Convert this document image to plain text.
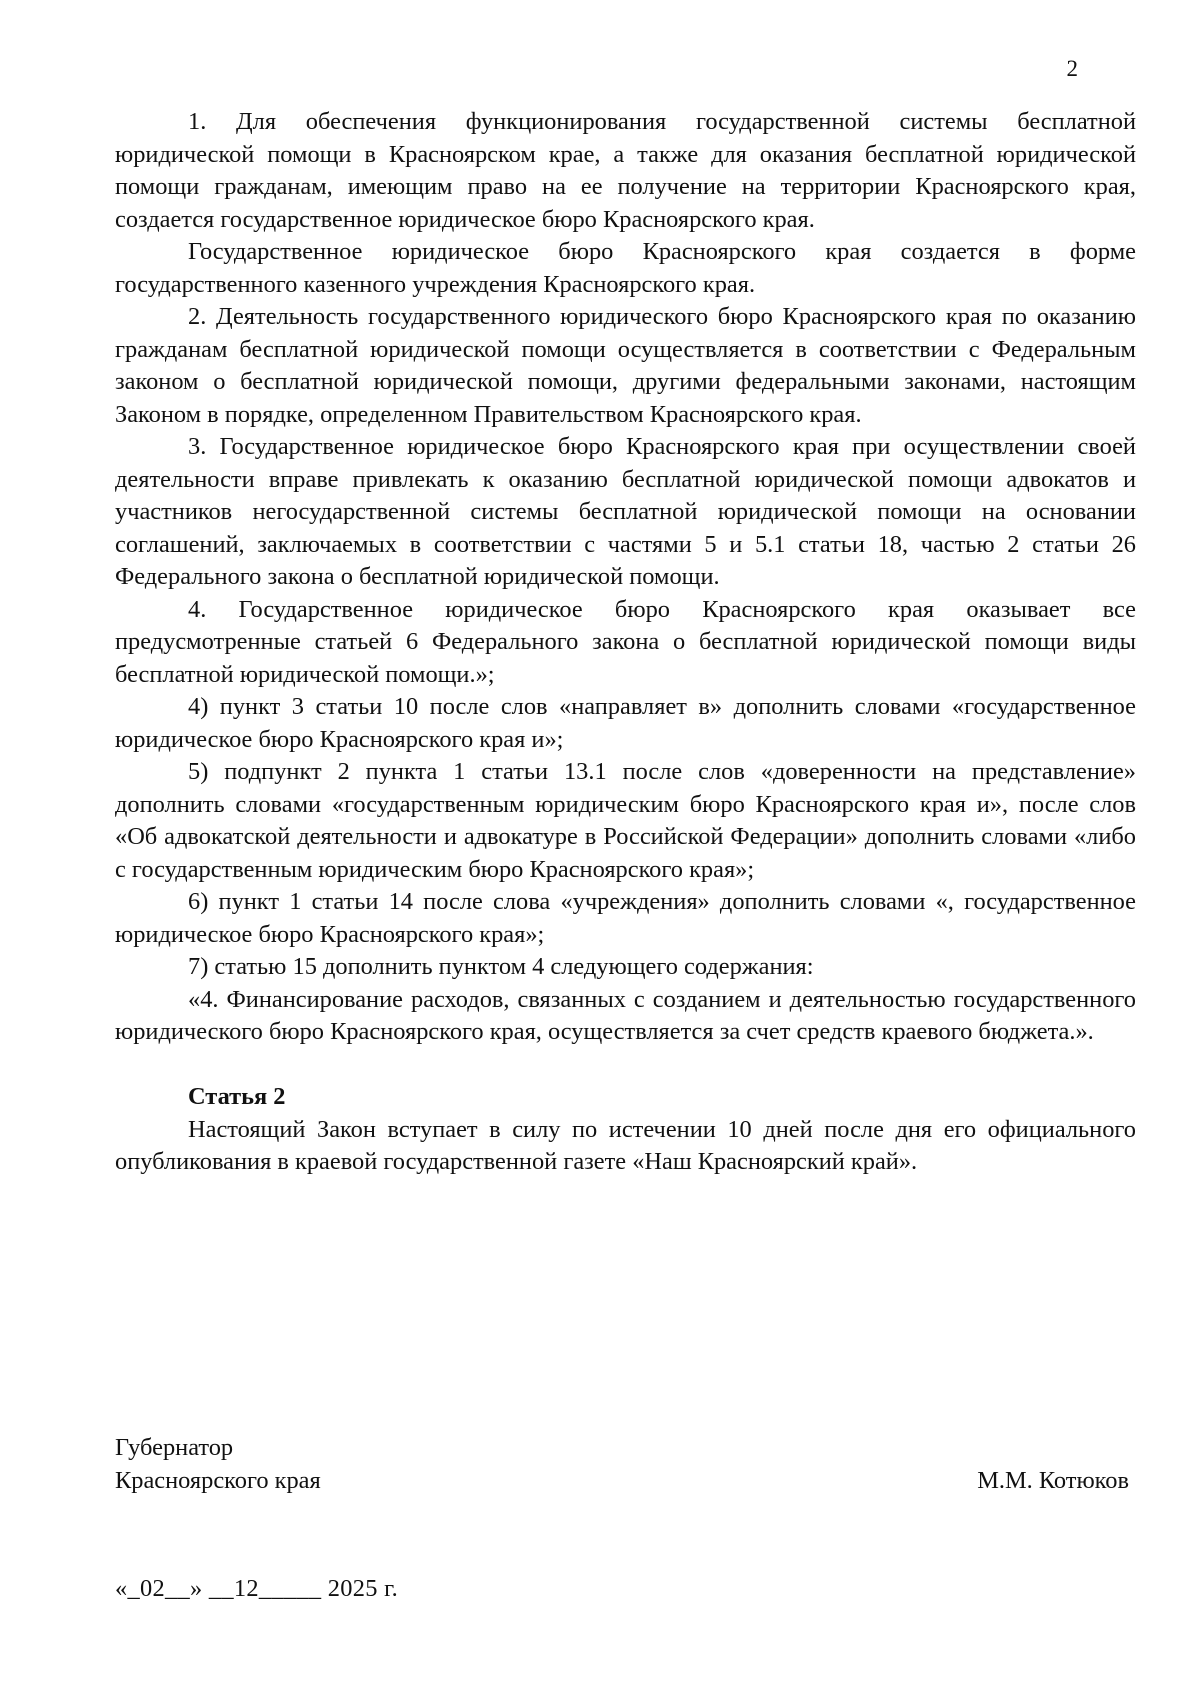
2

1. Для обеспечения функционирования государственной системы бесплатной юридической помощи в Красноярском крае, а также для оказания бесплатной юридической помощи гражданам, имеющим право на ее получение на территории Красноярского края, создается государственное юридическое бюро Красноярского края.

Государственное юридическое бюро Красноярского края создается в форме государственного казенного учреждения Красноярского края.

2. Деятельность государственного юридического бюро Красноярского края по оказанию гражданам бесплатной юридической помощи осуществляется в соответствии с Федеральным законом о бесплатной юридической помощи, другими федеральными законами, настоящим Законом в порядке, определенном Правительством Красноярского края.

3. Государственное юридическое бюро Красноярского края при осуществлении своей деятельности вправе привлекать к оказанию бесплатной юридической помощи адвокатов и участников негосударственной системы бесплатной юридической помощи на основании соглашений, заключаемых в соответствии с частями 5 и 5.1 статьи 18, частью 2 статьи 26 Федерального закона о бесплатной юридической помощи.

4. Государственное юридическое бюро Красноярского края оказывает все предусмотренные статьей 6 Федерального закона о бесплатной юридической помощи виды бесплатной юридической помощи.»;

4) пункт 3 статьи 10 после слов «направляет в» дополнить словами «государственное юридическое бюро Красноярского края и»;

5) подпункт 2 пункта 1 статьи 13.1 после слов «доверенности на представление» дополнить словами «государственным юридическим бюро Красноярского края и», после слов «Об адвокатской деятельности и адвокатуре в Российской Федерации» дополнить словами «либо с государственным юридическим бюро Красноярского края»;

6) пункт 1 статьи 14 после слова «учреждения» дополнить словами «, государственное юридическое бюро Красноярского края»;

7) статью 15 дополнить пунктом 4 следующего содержания:

«4. Финансирование расходов, связанных с созданием и деятельностью государственного юридического бюро Красноярского края, осуществляется за счет средств краевого бюджета.».

Статья 2

Настоящий Закон вступает в силу по истечении 10 дней после дня его официального опубликования в краевой государственной газете «Наш Красноярский край».

Губернатор
Красноярского края	М.М. Котюков
«_02__» __12_____ 2025 г.
